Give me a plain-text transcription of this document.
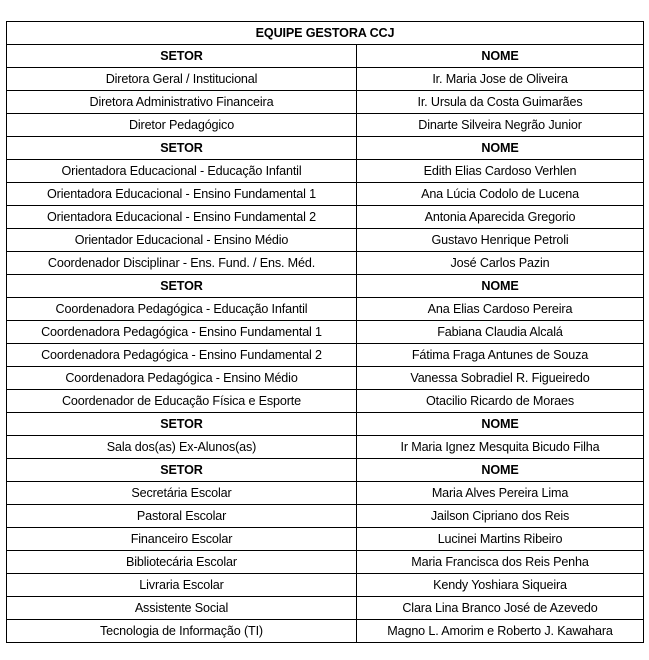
EQUIPE GESTORA CCJ	
SETOR	NOME
Diretora Geral / Institucional	Ir. Maria Jose de Oliveira
Diretora Administrativo Financeira	Ir. Ursula da Costa Guimarães
Diretor Pedagógico	Dinarte Silveira Negrão Junior
SETOR	NOME
Orientadora Educacional - Educação Infantil	Edith Elias Cardoso Verhlen
Orientadora Educacional - Ensino Fundamental 1	Ana Lúcia Codolo de Lucena
Orientadora Educacional - Ensino Fundamental 2	Antonia Aparecida Gregorio
Orientador Educacional - Ensino Médio	Gustavo Henrique Petroli
Coordenador Disciplinar - Ens. Fund. / Ens. Méd.	José Carlos Pazin
SETOR	NOME
Coordenadora Pedagógica - Educação Infantil	Ana Elias Cardoso Pereira
Coordenadora Pedagógica - Ensino Fundamental 1	Fabiana Claudia Alcalá
Coordenadora Pedagógica - Ensino Fundamental 2	Fátima Fraga Antunes de Souza
Coordenadora Pedagógica - Ensino Médio	Vanessa Sobradiel R. Figueiredo
Coordenador de Educação Física e Esporte	Otacilio Ricardo de Moraes
SETOR	NOME
Sala dos(as) Ex-Alunos(as)	Ir Maria Ignez Mesquita Bicudo Filha
SETOR	NOME
Secretária Escolar	Maria Alves Pereira Lima
Pastoral Escolar	Jailson Cipriano dos Reis
Financeiro Escolar	Lucinei Martins Ribeiro
Bibliotecária Escolar	Maria Francisca dos Reis Penha
Livraria Escolar	Kendy Yoshiara Siqueira
Assistente Social	Clara Lina Branco José de Azevedo
Tecnologia de Informação (TI)	Magno L. Amorim e Roberto J. Kawahara
